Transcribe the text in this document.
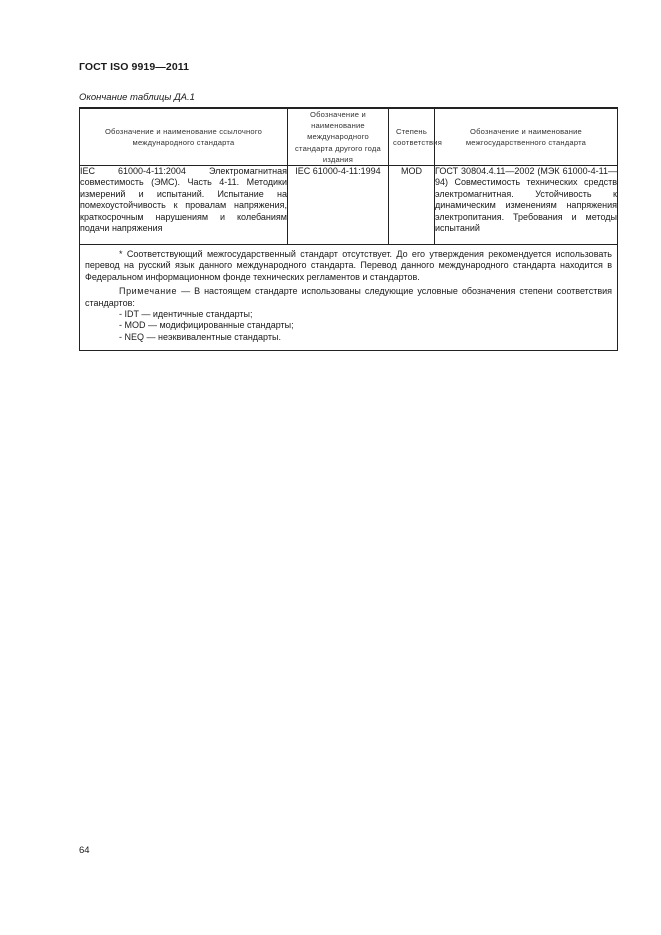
ГОСТ ISO 9919—2011
Окончание таблицы ДА.1
Обозначение и наименование ссылочного международного стандарта	Обозначение и наименование международного стандарта другого года издания	Степень соответствия	Обозначение и наименование межгосударственного стандарта
IEC 61000-4-11:2004 Электромагнитная совместимость (ЭМС). Часть 4-11. Методики измерений и испытаний. Испытание на помехоустойчивость к провалам напряжения, краткосрочным нарушениям и колебаниям подачи напряжения	IEC 61000-4-11:1994	MOD	ГОСТ 30804.4.11—2002 (МЭК 61000-4-11—94) Совместимость технических средств электромагнитная. Устойчивость к динамическим изменениям напряжения электропитания. Требования и методы испытаний

* Соответствующий межгосударственный стандарт отсутствует. До его утверждения рекомендуется использовать перевод на русский язык данного международного стандарта. Перевод данного международного стандарта находится в Федеральном информационном фонде технических регламентов и стандартов.

Примечание — В настоящем стандарте использованы следующие условные обозначения степени соответствия стандартов:

- IDT — идентичные стандарты;

- MOD — модифицированные стандарты;

- NEQ — неэквивалентные стандарты.			

64
